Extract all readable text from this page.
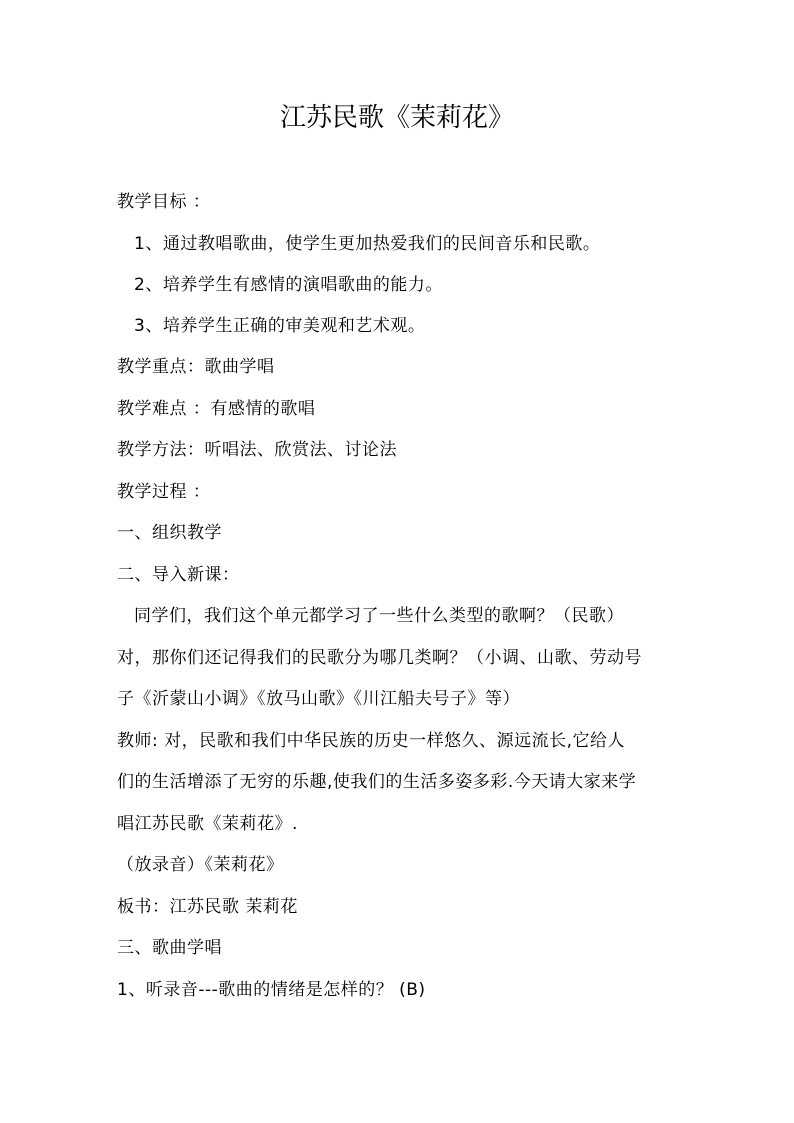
江苏民歌《茉莉花》
教学目标 ：
1、通过教唱歌曲，使学生更加热爱我们的民间音乐和民歌。
2、培养学生有感情的演唱歌曲的能力。
3、培养学生正确的审美观和艺术观。
教学重点：歌曲学唱
教学难点 ：有感情的歌唱
教学方法：听唱法、欣赏法、讨论法
教学过程 ：
一、组织教学
二、导入新课：
同学们，我们这个单元都学习了一些什么类型的歌啊？（民歌）
对，那你们还记得我们的民歌分为哪几类啊？（小调、山歌、劳动号
子《沂蒙山小调》《放马山歌》《川江船夫号子》等）
教师: 对，民歌和我们中华民族的历史一样悠久、源远流长,它给人
们的生活增添了无穷的乐趣,使我们的生活多姿多彩.今天请大家来学
唱江苏民歌《茉莉花》.
（放录音）《茉莉花》
板书：江苏民歌 茉莉花
三、歌曲学唱
1、听录音---歌曲的情绪是怎样的？ (B)
